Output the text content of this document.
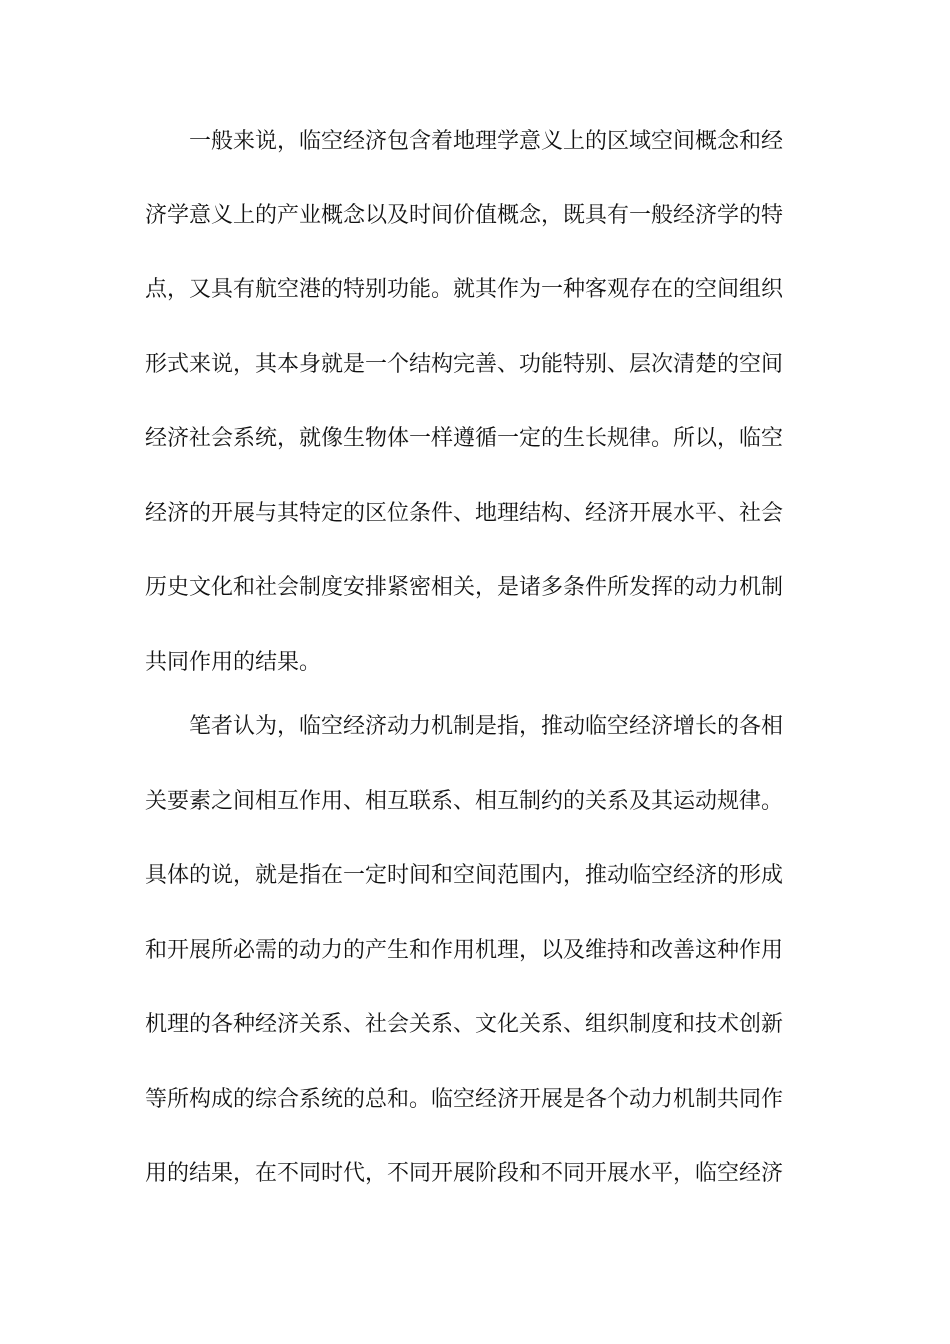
一般来说，临空经济包含着地理学意义上的区域空间概念和经
济学意义上的产业概念以及时间价值概念，既具有一般经济学的特
点，又具有航空港的特别功能。就其作为一种客观存在的空间组织
形式来说，其本身就是一个结构完善、功能特别、层次清楚的空间
经济社会系统，就像生物体一样遵循一定的生长规律。所以，临空
经济的开展与其特定的区位条件、地理结构、经济开展水平、社会
历史文化和社会制度安排紧密相关，是诸多条件所发挥的动力机制
共同作用的结果。
笔者认为，临空经济动力机制是指，推动临空经济增长的各相
关要素之间相互作用、相互联系、相互制约的关系及其运动规律。
具体的说，就是指在一定时间和空间范围内，推动临空经济的形成
和开展所必需的动力的产生和作用机理，以及维持和改善这种作用
机理的各种经济关系、社会关系、文化关系、组织制度和技术创新
等所构成的综合系统的总和。临空经济开展是各个动力机制共同作
用的结果，在不同时代，不同开展阶段和不同开展水平，临空经济
